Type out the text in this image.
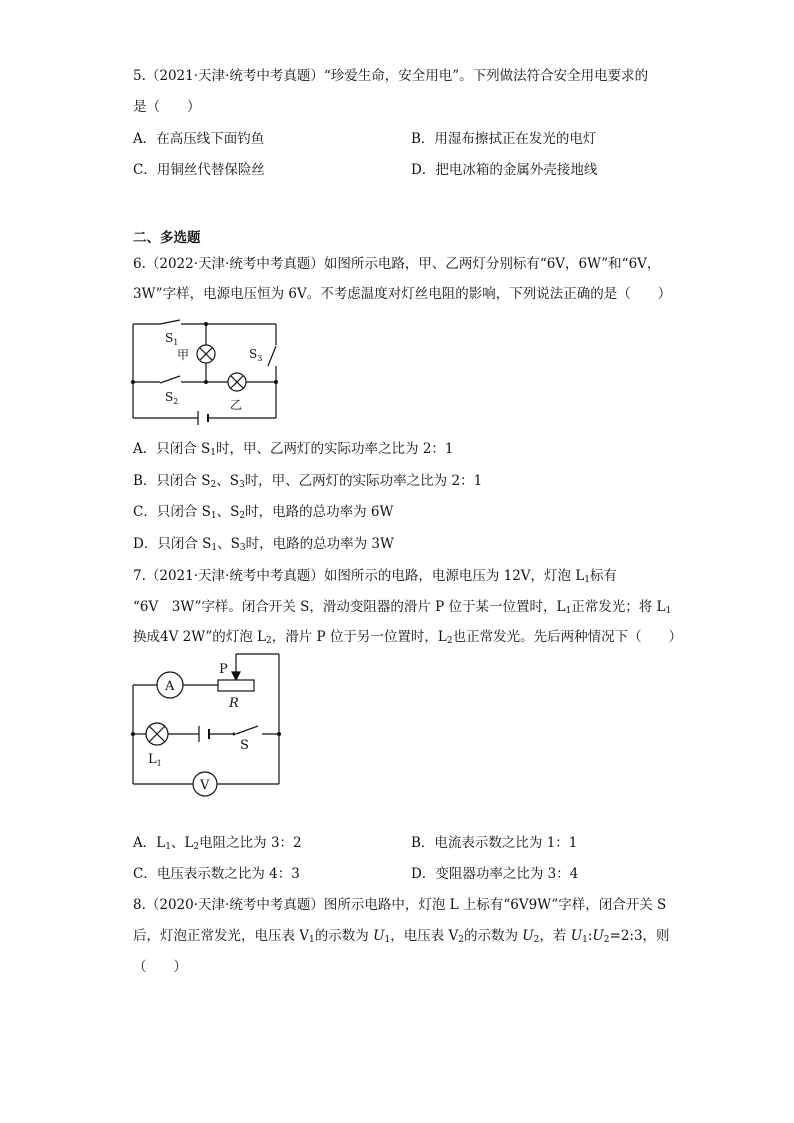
5.（2021·天津·统考中考真题）“珍爱生命，安全用电”。下列做法符合安全用电要求的
是（　　）
A．在高压线下面钓鱼	B．用湿布擦拭正在发光的电灯
C．用铜丝代替保险丝	D．把电冰箱的金属外壳接地线
二、多选题
6.（2022·天津·统考中考真题）如图所示电路，甲、乙两灯分别标有“6V，6W”和“6V，
3W”字样，电源电压恒为 6V。不考虑温度对灯丝电阻的影响，下列说法正确的是（　　）
$S_1$
甲	$S_3$
$S_2$	乙
A．只闭合 $S_1$时，甲、乙两灯的实际功率之比为 2：1
B．只闭合 $S_2$、$S_3$时，甲、乙两灯的实际功率之比为 2：1
C．只闭合 $S_1$、$S_2$时，电路的总功率为 6W
D．只闭合 $S_1$、$S_3$时，电路的总功率为 3W
7.（2021·天津·统考中考真题）如图所示的电路，电源电压为 12V，灯泡 $L_1$标有
“6V　3W”字样。闭合开关 S，滑动变阻器的滑片 P 位于某一位置时，$L_1$正常发光；将 $L_1$
换成4V 2W”的灯泡 $L_2$，滑片 P 位于另一位置时，$L_2$也正常发光。先后两种情况下（　　）
A
V
P
R
S
$L_1$
A．$L_1$、$L_2$电阻之比为 3：2	B．电流表示数之比为 1：1
C．电压表示数之比为 4：3	D．变阻器功率之比为 3：4
8.（2020·天津·统考中考真题）图所示电路中，灯泡 L 上标有“6V9W”字样，闭合开关 S
后，灯泡正常发光，电压表 $V_1$的示数为 $U_1$，电压表 $V_2$的示数为 $U_2$，若 $U_1:U_2=2:3$，则
（　　）
